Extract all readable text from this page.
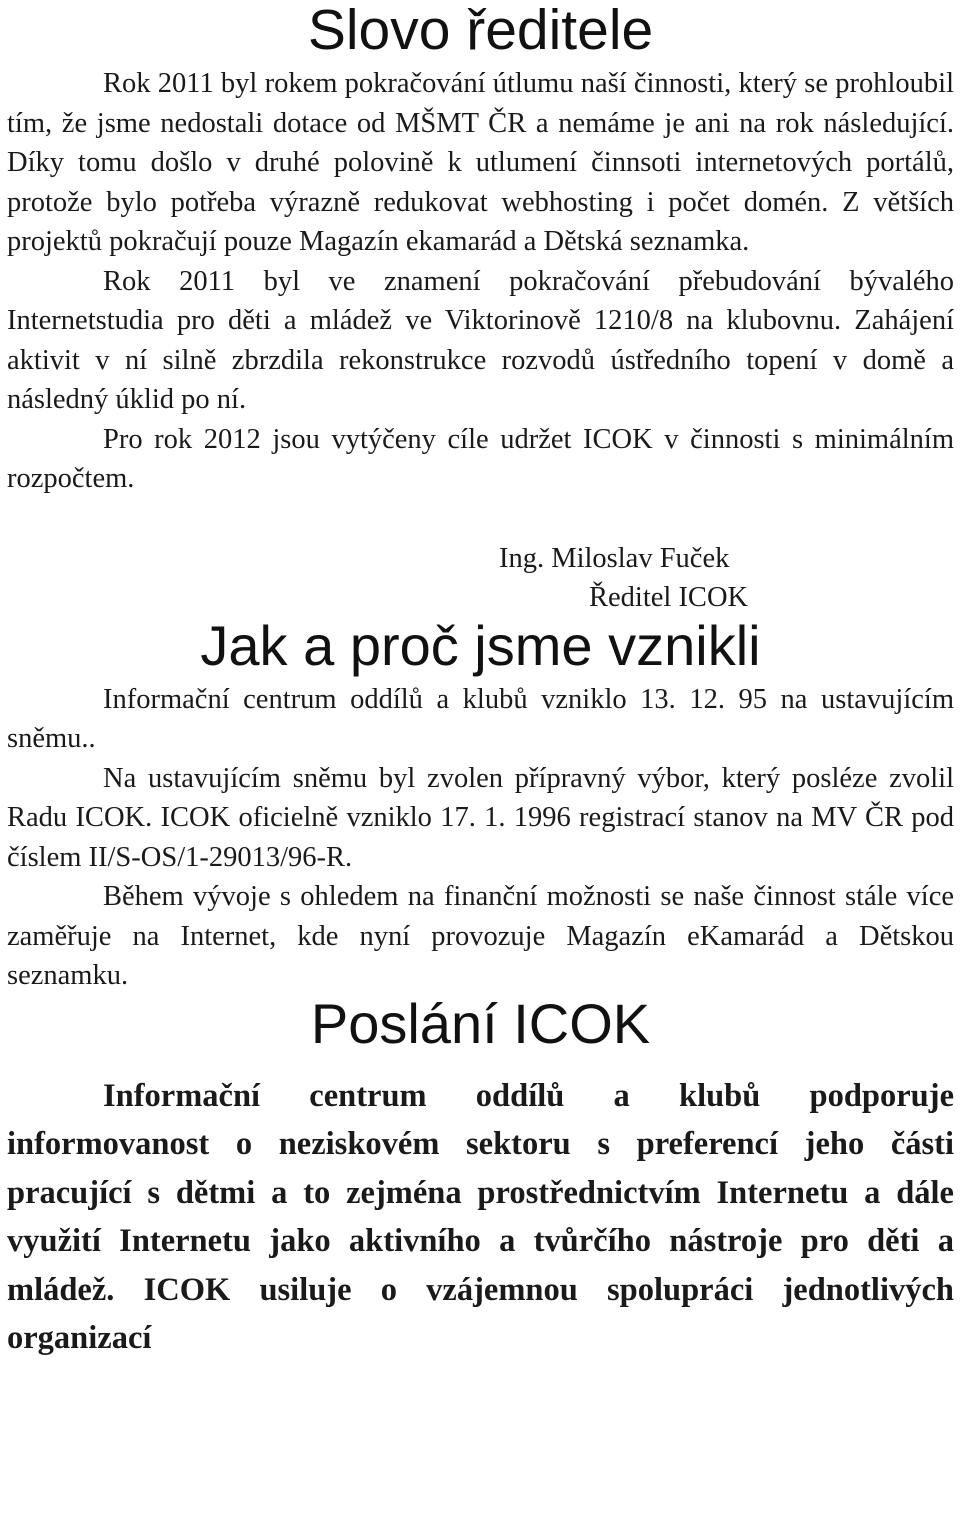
Slovo ředitele

Rok 2011 byl rokem pokračování útlumu naší činnosti, který se prohloubil tím, že jsme nedostali dotace od MŠMT ČR a nemáme je ani na rok následující. Díky tomu došlo v druhé polovině k utlumení činnsoti internetových portálů, protože bylo potřeba výrazně redukovat webhosting i počet domén. Z větších projektů pokračují pouze Magazín ekamarád a Dětská seznamka.

Rok 2011 byl ve znamení pokračování přebudování bývalého Internetstudia pro děti a mládež ve Viktorinově 1210/8 na klubovnu. Zahájení aktivit v ní silně zbrzdila rekonstrukce rozvodů ústředního topení v domě a následný úklid po ní.

Pro rok 2012 jsou vytýčeny cíle udržet ICOK v činnosti s minimálním rozpočtem.

Ing. Miloslav Fuček
Ředitel ICOK
Jak a proč jsme vznikli

Informační centrum oddílů a klubů vzniklo 13. 12. 95 na ustavujícím sněmu..

Na ustavujícím sněmu byl zvolen přípravný výbor, který posléze zvolil Radu ICOK. ICOK oficielně vzniklo 17. 1. 1996 registrací stanov na MV ČR pod číslem II/S-OS/1-29013/96-R.

Během vývoje s ohledem na finanční možnosti se naše činnost stále více zaměřuje na Internet, kde nyní provozuje Magazín eKamarád a Dětskou seznamku.

Poslání ICOK

Informační centrum oddílů a klubů podporuje informovanost o neziskovém sektoru s preferencí jeho části pracující s dětmi a to zejména prostřednictvím Internetu a dále využití Internetu jako aktivního a tvůrčího nástroje pro děti a mládež. ICOK usiluje o vzájemnou spolupráci jednotlivých organizací
